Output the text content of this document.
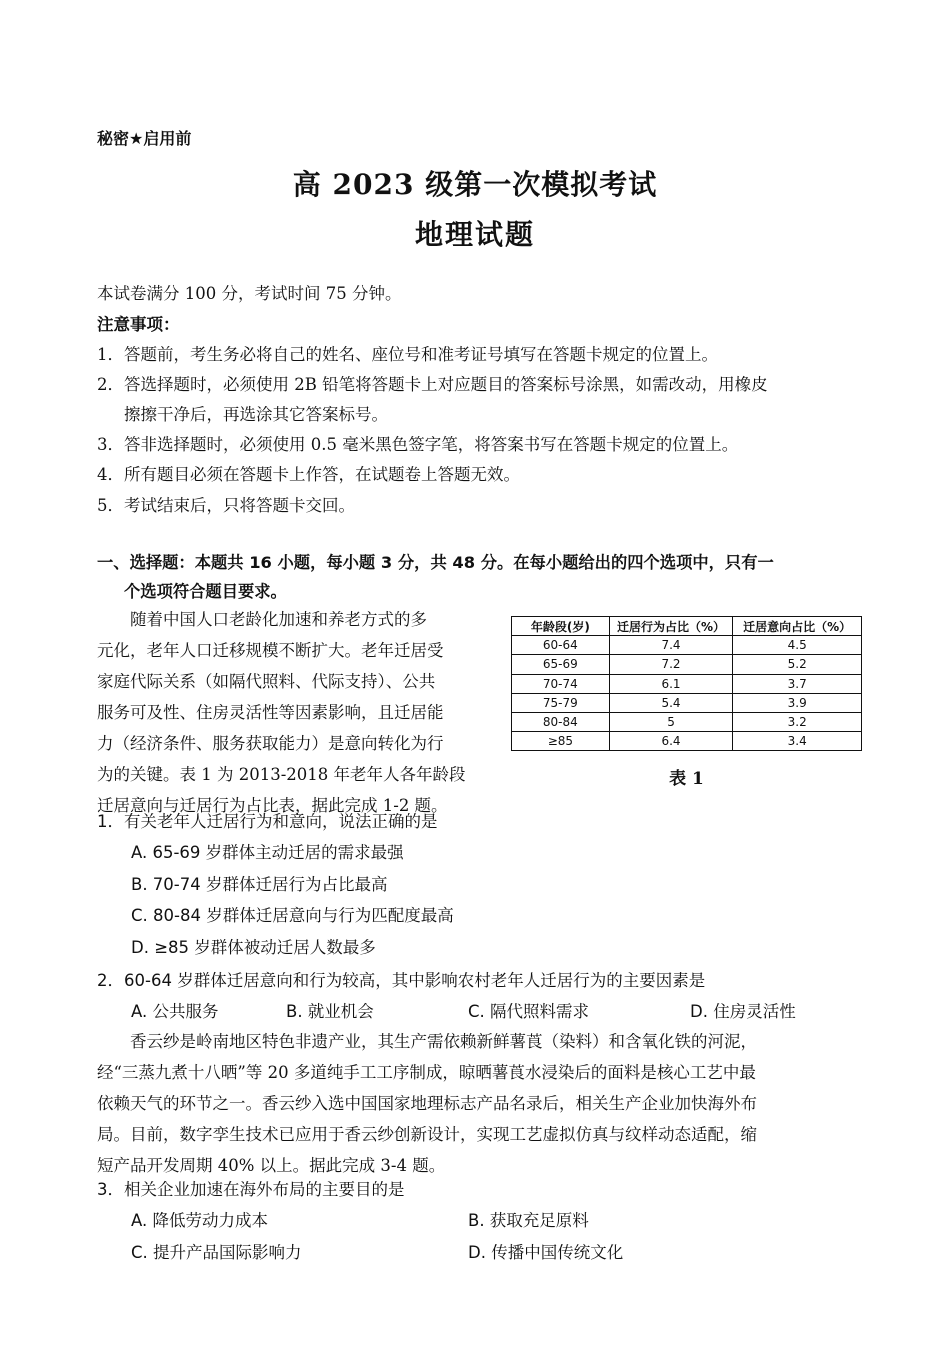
秘密★启用前
高 2023 级第一次模拟考试
地理试题
本试卷满分 100 分，考试时间 75 分钟。
注意事项：
1．答题前，考生务必将自己的姓名、座位号和准考证号填写在答题卡规定的位置上。
2．答选择题时，必须使用 2B 铅笔将答题卡上对应题目的答案标号涂黑，如需改动，用橡皮
擦擦干净后，再选涂其它答案标号。
3．答非选择题时，必须使用 0.5 毫米黑色签字笔，将答案书写在答题卡规定的位置上。
4．所有题目必须在答题卡上作答，在试题卷上答题无效。
5．考试结束后，只将答题卡交回。
一、选择题：本题共 16 小题，每小题 3 分，共 48 分。在每小题给出的四个选项中，只有一
个选项符合题目要求。
随着中国人口老龄化加速和养老方式的多
元化，老年人口迁移规模不断扩大。老年迁居受
家庭代际关系（如隔代照料、代际支持）、公共
服务可及性、住房灵活性等因素影响，且迁居能
力（经济条件、服务获取能力）是意向转化为行
为的关键。表 1 为 2013-2018 年老年人各年龄段
迁居意向与迁居行为占比表，据此完成 1-2 题。
年龄段(岁)	迁居行为占比（%）	迁居意向占比（%）
60-64	7.4	4.5
65-69	7.2	5.2
70-74	6.1	3.7
75-79	5.4	3.9
80-84	5	3.2
≥85	6.4	3.4
表 1
1．有关老年人迁居行为和意向，说法正确的是
A. 65-69 岁群体主动迁居的需求最强
B. 70-74 岁群体迁居行为占比最高
C. 80-84 岁群体迁居意向与行为匹配度最高
D. ≥85 岁群体被动迁居人数最多
2．60-64 岁群体迁居意向和行为较高，其中影响农村老年人迁居行为的主要因素是
A. 公共服务	B. 就业机会	C. 隔代照料需求	D. 住房灵活性
香云纱是岭南地区特色非遗产业，其生产需依赖新鲜薯莨（染料）和含氧化铁的河泥，
经“三蒸九煮十八晒”等 20 多道纯手工工序制成，晾晒薯莨水浸染后的面料是核心工艺中最
依赖天气的环节之一。香云纱入选中国国家地理标志产品名录后，相关生产企业加快海外布
局。目前，数字孪生技术已应用于香云纱创新设计，实现工艺虚拟仿真与纹样动态适配，缩
短产品开发周期 40% 以上。据此完成 3-4 题。
3．相关企业加速在海外布局的主要目的是
A. 降低劳动力成本	B. 获取充足原料
C. 提升产品国际影响力	D. 传播中国传统文化
